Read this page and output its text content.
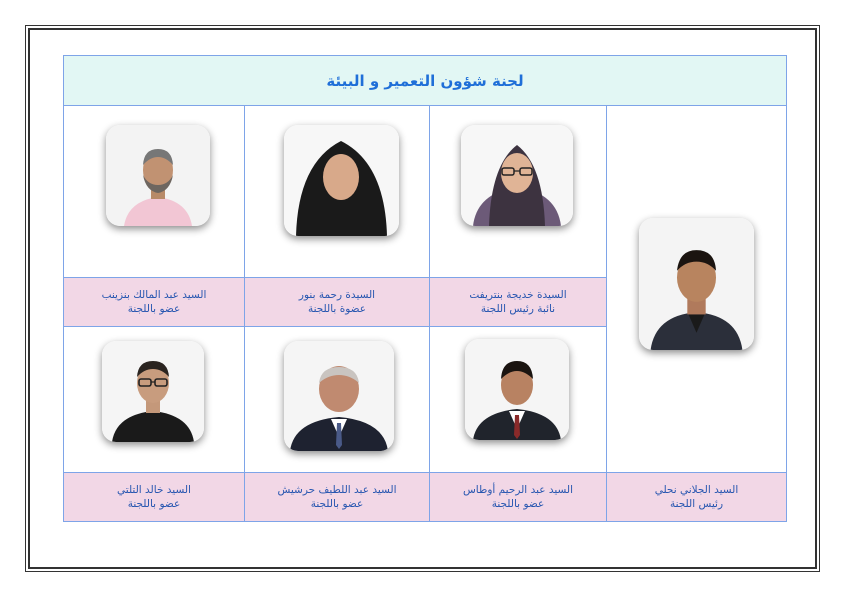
لجنة شؤون التعمير و البيئة
السيدة خديجة بنتريفت
نائبة رئيس اللجنة
السيدة رحمة بنور
عضوة باللجنة
السيد عبد المالك بنزينب
عضو باللجنة
السيد الجلاني نحلي
رئيس اللجنة
السيد عبد الرحيم أوطاس
عضو باللجنة
السيد عبد اللطيف حرشيش
عضو باللجنة
السيد خالد التلتي
عضو باللجنة
